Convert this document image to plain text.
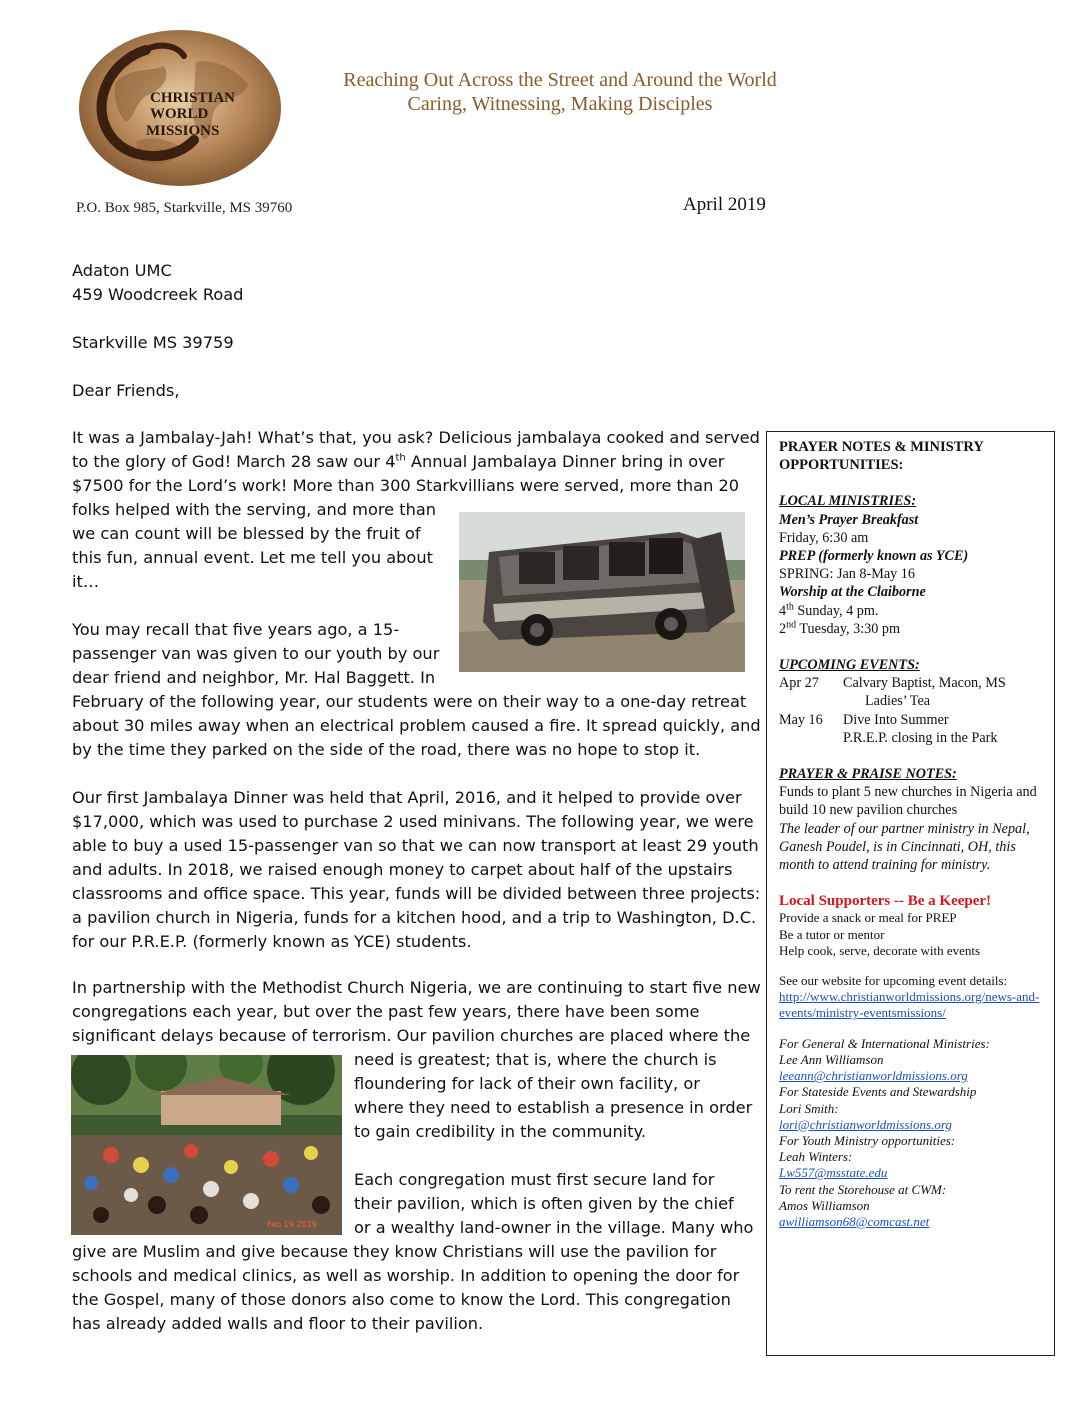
CHRISTIAN
WORLD
MISSIONS
Reaching Out Across the Street and Around the World
Caring, Witnessing, Making Disciples
P.O. Box 985, Starkville, MS 39760	April 2019
Adaton UMC
459 Woodcreek Road
Starkville MS 39759
Dear Friends,
It was a Jambalay-Jah! What’s that, you ask? Delicious jambalaya cooked and served to the glory of God! March 28 saw our 4th Annual Jambalaya Dinner bring in over $7500 for the Lord’s work! More than 300 Starkvillians were served, more than 20
folks helped with the serving, and more than we can count will be blessed by the fruit of this fun, annual event. Let me tell you about it…
You may recall that five years ago, a 15-passenger van was given to our youth by our dear friend and neighbor, Mr. Hal Baggett. In
February of the following year, our students were on their way to a one-day retreat about 30 miles away when an electrical problem caused a fire. It spread quickly, and by the time they parked on the side of the road, there was no hope to stop it.
Our first Jambalaya Dinner was held that April, 2016, and it helped to provide over $17,000, which was used to purchase 2 used minivans. The following year, we were able to buy a used 15-passenger van so that we can now transport at least 29 youth and adults. In 2018, we raised enough money to carpet about half of the upstairs classrooms and office space. This year, funds will be divided between three projects: a pavilion church in Nigeria, funds for a kitchen hood, and a trip to Washington, D.C. for our P.R.E.P. (formerly known as YCE) students.
In partnership with the Methodist Church Nigeria, we are continuing to start five new congregations each year, but over the past few years, there have been some significant delays because of terrorism. Our pavilion churches are placed where the
need is greatest; that is, where the church is floundering for lack of their own facility, or where they need to establish a presence in order to gain credibility in the community.
Feb 19 2019
Each congregation must first secure land for their pavilion, which is often given by the chief or a wealthy land-owner in the village. Many who
give are Muslim and give because they know Christians will use the pavilion for schools and medical clinics, as well as worship. In addition to opening the door for the Gospel, many of those donors also come to know the Lord. This congregation has already added walls and floor to their pavilion.
PRAYER NOTES & MINISTRY OPPORTUNITIES:
LOCAL MINISTRIES:
Men’s Prayer Breakfast
Friday, 6:30 am
PREP (formerly known as YCE)
SPRING: Jan 8-May 16
Worship at the Claiborne
4th Sunday, 4 pm.
2nd Tuesday, 3:30 pm
UPCOMING EVENTS:
Apr 27	Calvary Baptist, Macon, MS
Ladies’ Tea
May 16	Dive Into Summer
P.R.E.P. closing in the Park
PRAYER & PRAISE NOTES:
Funds to plant 5 new churches in Nigeria and build 10 new pavilion churches
The leader of our partner ministry in Nepal, Ganesh Poudel, is in Cincinnati, OH, this month to attend training for ministry.
Local Supporters -- Be a Keeper!
Provide a snack or meal for PREP
Be a tutor or mentor
Help cook, serve, decorate with events
See our website for upcoming event details:
http://www.christianworldmissions.org/news-and-events/ministry-eventsmissions/
For General & International Ministries:
Lee Ann Williamson
leeann@christianworldmissions.org
For Stateside Events and Stewardship
Lori Smith:
lori@christianworldmissions.org
For Youth Ministry opportunities:
Leah Winters:
Lw557@msstate.edu
To rent the Storehouse at CWM:
Amos Williamson
awilliamson68@comcast.net
